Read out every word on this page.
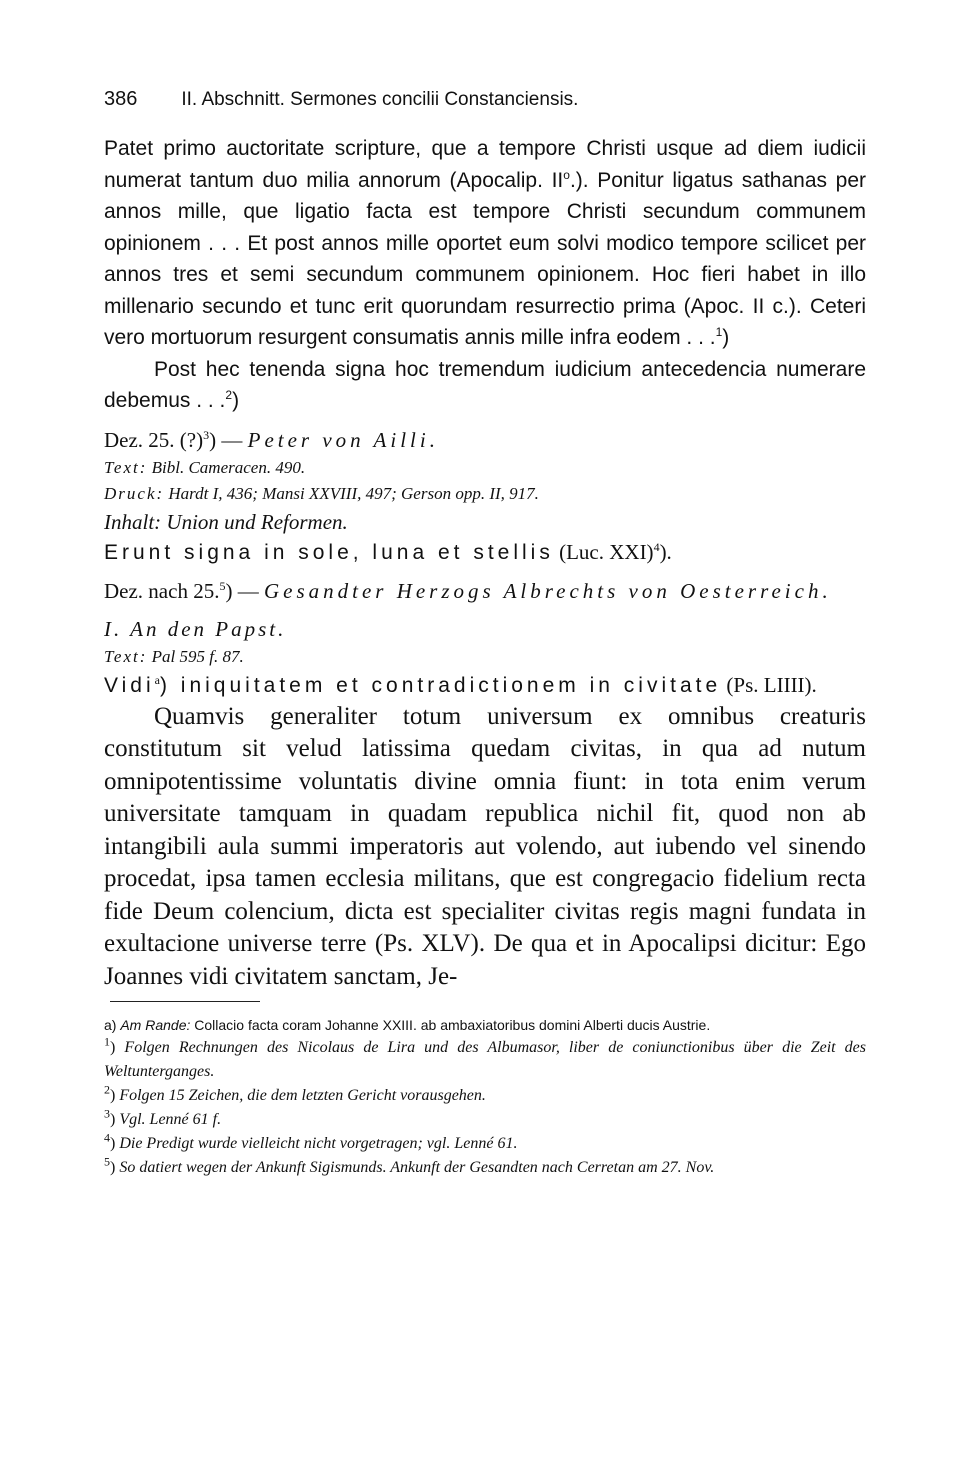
386 II. Abschnitt. Sermones concilii Constanciensis.

Patet primo auctoritate scripture, que a tempore Christi usque ad diem iudicii numerat tantum duo milia annorum (Apocalip. $II^o$.). Ponitur ligatus sathanas per annos mille, que ligatio facta est tempore Christi secundum communem opinionem . . . Et post annos mille oportet eum solvi modico tempore scilicet per annos tres et semi secundum communem opinionem. Hoc fieri habet in illo millenario secundo et tunc erit quorundam resurrectio prima (Apoc. II c.). Ceteri vero mortuorum resurgent consumatis annis mille infra eodem . . .$^1$)

Post hec tenenda signa hoc tremendum iudicium antecedencia numerare debemus . . .$^2$)

Dez. 25. (?)$^3$) — Peter von Ailli.

Text: Bibl. Cameracen. 490.

Druck: Hardt I, 436; Mansi XXVIII, 497; Gerson opp. II, 917.

Inhalt: Union und Reformen.

Erunt signa in sole, luna et stellis (Luc. XXI)$^4$).

Dez. nach 25.$^5$) — Gesandter Herzogs Albrechts von Oesterreich.

I. An den Papst.

Text: Pal 595 f. 87.

Vidi$^a$) iniquitatem et contradictionem in civitate (Ps. LIIII).

Quamvis generaliter totum universum ex omnibus creaturis constitutum sit velud latissima quedam civitas, in qua ad nutum omnipotentissime voluntatis divine omnia fiunt: in tota enim verum universitate tamquam in quadam republica nichil fit, quod non ab intangibili aula summi imperatoris aut volendo, aut iubendo vel sinendo procedat, ipsa tamen ecclesia militans, que est congregacio fidelium recta fide Deum colencium, dicta est specialiter civitas regis magni fundata in exultacione universe terre (Ps. XLV). De qua et in Apocalipsi dicitur: Ego Joannes vidi civitatem sanctam, Je-

a) Am Rande: Collacio facta coram Johanne XXIII. ab ambaxiatoribus domini Alberti ducis Austrie.

$^1$) Folgen Rechnungen des Nicolaus de Lira und des Albumasor, liber de coniunctionibus über die Zeit des Weltunterganges.

$^2$) Folgen 15 Zeichen, die dem letzten Gericht vorausgehen.

$^3$) Vgl. Lenné 61 f.

$^4$) Die Predigt wurde vielleicht nicht vorgetragen; vgl. Lenné 61.

$^5$) So datiert wegen der Ankunft Sigismunds. Ankunft der Gesandten nach Cerretan am 27. Nov.
